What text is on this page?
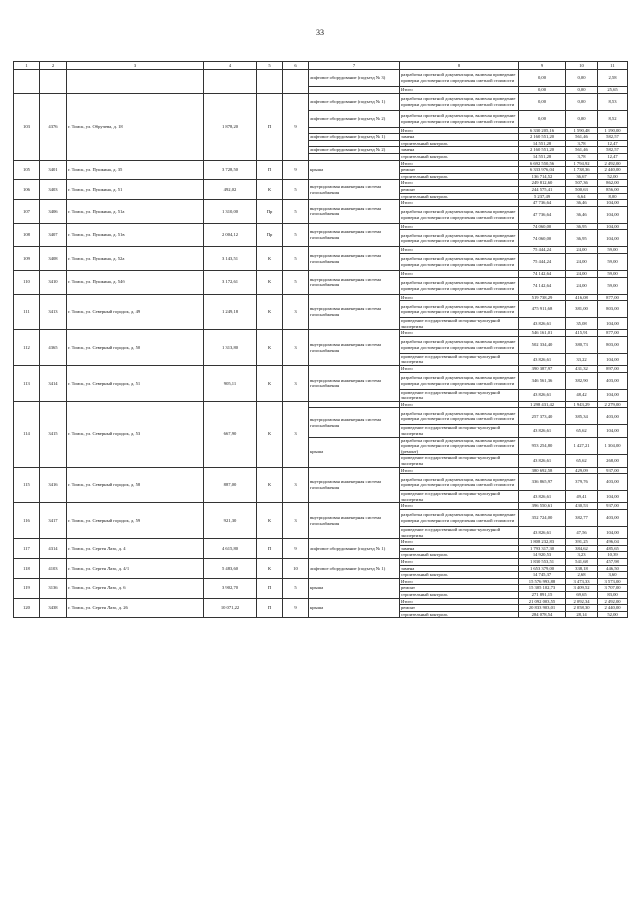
33
1	2	3	4	5	6	7	8	9	10	11
						лифтовое оборудование (подъезд № 3)	разработка проектной документации, включая проведение проверки достоверности определения сметной стоимости	0,00	0,00	2,58
							Итого	0,00	0,00	25,65
103	4376	г. Томск, ул. Обручева, д. 18	1 878,20	П	9	лифтовое оборудование (подъезд № 1)	разработка проектной документации, включая проведение проверки достоверности определения сметной стоимости	0,00	0,00	8,53
						лифтовое оборудование (подъезд № 2)	разработка проектной документации, включая проведение проверки достоверности определения сметной стоимости	0,00	0,00	8,52
							Итого	6 330 205,16	1 590,48	1 190,00
						лифтовое оборудование (подъезд № 1)	замена	2 160 551,20	561,46	582,57
							строительный контроль	14 551,28	3,78	12,47
						лифтовое оборудование (подъезд № 2)	замена	2 160 551,20	561,46	582,57
							строительный контроль	14 551,28	3,78	12,47
105	3401	г. Томск, ул. Пушкина, д. 35	3 728,50	П	9	крыша	Итого	6 692 550,56	1 794,92	2 492,00
							ремонт	6 333 976,04	1 738,36	2 440,00
							строительный контроль	136 714,52	36,67	52,00
106	3403	г. Томск, ул. Пушкина, д. 51	492,02	К	5	внутридомовая инженерная система газоснабжения	Итого	249 812,60	507,36	862,00
							ремонт	244 575,41	500,63	856,00
							строительный контроль	5 237,49	6,64	8,00
107	3406	г. Томск, ул. Пушкина, д. 51а	1 310,00	Пр	5	внутридомовая инженерная система газоснабжения	Итого	47 736,64	36,46	104,00
							разработка проектной документации, включая проведение проверки достоверности определения сметной стоимости	47 736,64	36,46	104,00
108	3407	г. Томск, ул. Пушкина, д. 51в	2 004,12	Пр	5	внутридомовая инженерная система газоснабжения	Итого	74 060,00	36,95	104,00
							разработка проектной документации, включая проведение проверки достоверности определения сметной стоимости	74 060,00	36,95	104,00
109	3408	г. Томск, ул. Пушкина, д. 52а	3 143,51	К	5	внутридомовая инженерная система газоснабжения	Итого	75 444,24	24,00	59,00
							разработка проектной документации, включая проведение проверки достоверности определения сметной стоимости	75 444,24	24,00	59,00
110	3410	г. Томск, ул. Пушкина, д. 54б	3 172,61	К	5	внутридомовая инженерная система газоснабжения	Итого	74 142,64	24,00	59,00
							разработка проектной документации, включая проведение проверки достоверности определения сметной стоимости	74 142,64	24,00	59,00
111	3413	г. Томск, ул. Северный городок, д. 49	1 249,18	К	3	внутридомовая инженерная система газоснабжения	Итого	519 738,29	416,08	877,00
							разработка проектной документации, включая проведение проверки достоверности определения сметной стоимости	475 911,68	381,00	803,00
							проведение государственной историко-культурной экспертизы	43 826,61	35,08	104,00
112	4365	г. Томск, ул. Северный городок, д. 50	1 313,80	К	3	внутридомовая инженерная система газоснабжения	Итого	546 161,01	415,91	877,00
							разработка проектной документации, включая проведение проверки достоверности определения сметной стоимости	502 334,40	380,73	803,00
							проведение государственной историко-культурной экспертизы	43 826,61	33,22	104,00
113	3414	г. Томск, ул. Северный городок, д. 51	905,11	К	3	внутридомовая инженерная система газоснабжения	Итого	390 387,97	431,32	897,00
							разработка проектной документации, включая проведение проверки достоверности определения сметной стоимости	346 561,36	382,90	403,00
							проведение государственной историко-культурной экспертизы	43 826,61	48,42	104,00
114	3415	г. Томск, ул. Северный городок, д. 53	667,90	К	3		Итого	1 298 431,42	1 943,29	2 279,00
						внутридомовая инженерная система газоснабжения	разработка проектной документации, включая проведение проверки достоверности определения сметной стоимости	257 373,40	385,34	403,00
							проведение государственной историко-культурной экспертизы	43 826,61	65,62	104,00
						крыша	разработка проектной документации, включая проведение проверки достоверности определения сметной стоимости (ремонт)	953 254,80	1 427,21	1 304,00
							проведение государственной историко-культурной экспертизы	43 826,61	65,62	268,00
115	3416	г. Томск, ул. Северный городок, д. 58	887,00	К	3	внутридомовая инженерная система газоснабжения	Итого	380 692,58	429,09	937,00
							разработка проектной документации, включая проведение проверки достоверности определения сметной стоимости	336 865,97	379,76	403,00
							проведение государственной историко-культурной экспертизы	43 826,61	49,41	104,00
116	3417	г. Томск, ул. Северный городок, д. 59	921,30	К	3	внутридомовая инженерная система газоснабжения	Итого	396 550,61	430,53	937,00
							разработка проектной документации, включая проведение проверки достоверности определения сметной стоимости	352 724,00	382,77	403,00
							проведение государственной историко-культурной экспертизы	43 826,61	47,56	104,00
117	4314	г. Томск, ул. Сергея Лазо, д. 4	4 615,80	П	9	лифтовое оборудование (подъезд № 1)	Итого	1 808 232,83	391,25	496,04
							замена	1 793 317,30	384,62	485,65
							строительный контроль	14 920,53	3,23	10,39
118	4103	г. Томск, ул. Сергея Лазо, д. 4/1	5 483,60	К	10	лифтовое оборудование (подъезд № 1)	Итого	1 830 553,51	541,68	457,98
							замена	1 653 379,00	338,18	446,50
							строительный контроль	14 745,37	2,68	3,60
119	3136	г. Томск, ул. Сергея Лазо, д. 6	3 902,70	П	5	крыша	Итого	15 576 993,88	3 473,33	3 573,00
							ремонт	15 305 102,73	3 409,52	3 707,00
							строительный контроль	271 891,15	69,65	83,00
120	3438	г. Томск, ул. Сергея Лазо, д. 26	10 071,22	П	9	крыша	Итого	21 092 003,55	2 092,34	2 492,00
							ремонт	20 833 903,01	2 058,30	2 440,00
							строительный контроль	284 078,54	28,14	52,00
